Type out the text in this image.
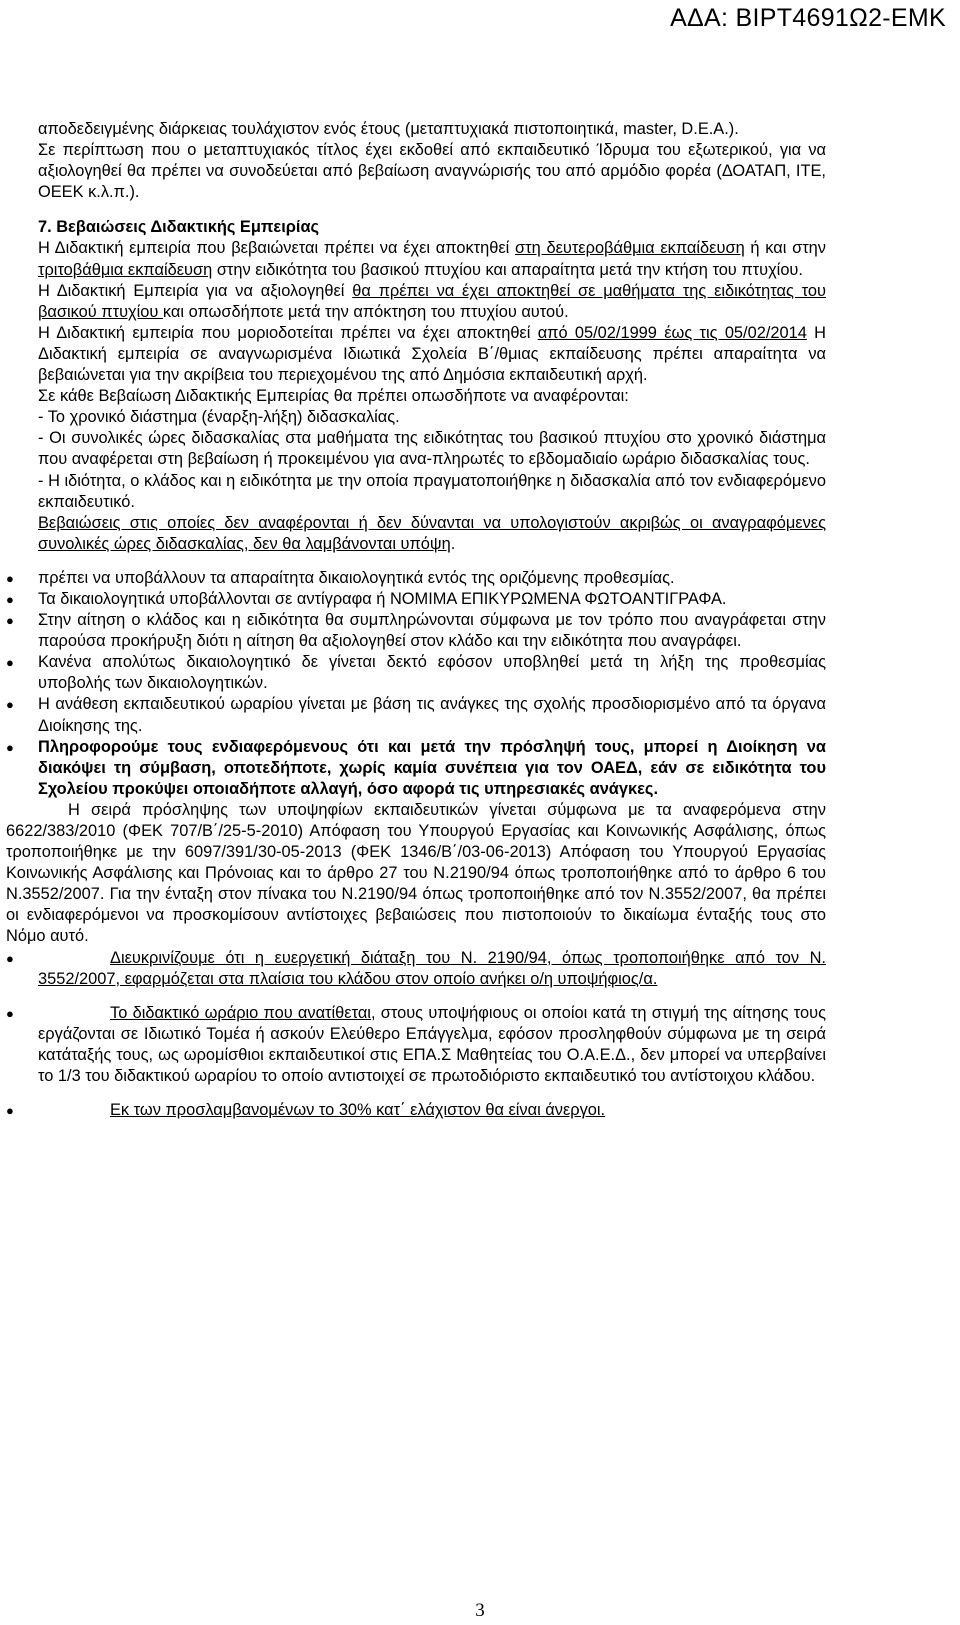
ΑΔΑ: ΒΙΡΤ4691Ω2-ΕΜΚ

αποδεδειγμένης διάρκειας τουλάχιστον ενός έτους (μεταπτυχιακά πιστοποιητικά, master, D.E.A.).

Σε περίπτωση που ο μεταπτυχιακός τίτλος έχει εκδοθεί από εκπαιδευτικό Ίδρυμα του εξωτερικού, για να αξιολογηθεί θα πρέπει να συνοδεύεται από βεβαίωση αναγνώρισής του από αρμόδιο φορέα (ΔΟΑΤΑΠ, ΙΤΕ, ΟΕΕΚ κ.λ.π.).

7. Βεβαιώσεις Διδακτικής Εμπειρίας

Η Διδακτική εμπειρία που βεβαιώνεται πρέπει να έχει αποκτηθεί στη δευτεροβάθμια εκπαίδευση ή και στην τριτοβάθμια εκπαίδευση στην ειδικότητα του βασικού πτυχίου και απαραίτητα μετά την κτήση του πτυχίου.

Η Διδακτική Εμπειρία για να αξιολογηθεί θα πρέπει να έχει αποκτηθεί σε μαθήματα της ειδικότητας του βασικού πτυχίου και οπωσδήποτε μετά την απόκτηση του πτυχίου αυτού.

Η Διδακτική εμπειρία που μοριοδοτείται πρέπει να έχει αποκτηθεί από 05/02/1999 έως τις 05/02/2014 Η Διδακτική εμπειρία σε αναγνωρισμένα Ιδιωτικά Σχολεία Β΄/θμιας εκπαίδευσης πρέπει απαραίτητα να βεβαιώνεται για την ακρίβεια του περιεχομένου της από Δημόσια εκπαιδευτική αρχή.

Σε κάθε Βεβαίωση Διδακτικής Εμπειρίας θα πρέπει οπωσδήποτε να αναφέρονται:

- Το χρονικό διάστημα (έναρξη-λήξη) διδασκαλίας.

- Οι συνολικές ώρες διδασκαλίας στα μαθήματα της ειδικότητας του βασικού πτυχίου στο χρονικό διάστημα που αναφέρεται στη βεβαίωση ή προκειμένου για ανα-πληρωτές το εβδομαδιαίο ωράριο διδασκαλίας τους.

- Η ιδιότητα, ο κλάδος και η ειδικότητα με την οποία πραγματοποιήθηκε η διδασκαλία από τον ενδιαφερόμενο εκπαιδευτικό.

Βεβαιώσεις στις οποίες δεν αναφέρονται ή δεν δύνανται να υπολογιστούν ακριβώς οι αναγραφόμενες συνολικές ώρες διδασκαλίας, δεν θα λαμβάνονται υπόψη.

● πρέπει να υποβάλλουν τα απαραίτητα δικαιολογητικά εντός της οριζόμενης προθεσμίας.

● Τα δικαιολογητικά υποβάλλονται σε αντίγραφα ή ΝΟΜΙΜΑ ΕΠΙΚΥΡΩΜΕΝΑ ΦΩΤΟΑΝΤΙΓΡΑΦΑ.

● Στην αίτηση ο κλάδος και η ειδικότητα θα συμπληρώνονται σύμφωνα με τον τρόπο που αναγράφεται στην παρούσα προκήρυξη διότι η αίτηση θα αξιολογηθεί στον κλάδο και την ειδικότητα που αναγράφει.

● Κανένα απολύτως δικαιολογητικό δε γίνεται δεκτό εφόσον υποβληθεί μετά τη λήξη της προθεσμίας υποβολής των δικαιολογητικών.

● Η ανάθεση εκπαιδευτικού ωραρίου γίνεται με βάση τις ανάγκες της σχολής προσδιορισμένο από τα όργανα Διοίκησης της.

● Πληροφορούμε τους ενδιαφερόμενους ότι και μετά την πρόσληψή τους, μπορεί η Διοίκηση να διακόψει τη σύμβαση, οποτεδήποτε, χωρίς καμία συνέπεια για τον ΟΑΕΔ, εάν σε ειδικότητα του Σχολείου προκύψει οποιαδήποτε αλλαγή, όσο αφορά τις υπηρεσιακές ανάγκες.

Η σειρά πρόσληψης των υποψηφίων εκπαιδευτικών γίνεται σύμφωνα με τα αναφερόμενα στην 6622/383/2010 (ΦΕΚ 707/Β΄/25-5-2010) Απόφαση του Υπουργού Εργασίας και Κοινωνικής Ασφάλισης, όπως τροποποιήθηκε με την 6097/391/30-05-2013 (ΦΕΚ 1346/Β΄/03-06-2013) Απόφαση του Υπουργού Εργασίας Κοινωνικής Ασφάλισης και Πρόνοιας και το άρθρο 27 του Ν.2190/94 όπως τροποποιήθηκε από το άρθρο 6 του Ν.3552/2007. Για την ένταξη στον πίνακα του Ν.2190/94 όπως τροποποιήθηκε από τον Ν.3552/2007, θα πρέπει οι ενδιαφερόμενοι να προσκομίσουν αντίστοιχες βεβαιώσεις που πιστοποιούν το δικαίωμα ένταξής τους στο Νόμο αυτό.

●	Διευκρινίζουμε ότι η ευεργετική διάταξη του Ν. 2190/94, όπως τροποποιήθηκε από τον Ν. 3552/2007, εφαρμόζεται στα πλαίσια του κλάδου στον οποίο ανήκει ο/η υποψήφιος/α.

●	Το διδακτικό ωράριο που ανατίθεται, στους υποψήφιους οι οποίοι κατά τη στιγμή της αίτησης τους εργάζονται σε Ιδιωτικό Τομέα ή ασκούν Ελεύθερο Επάγγελμα, εφόσον προσληφθούν σύμφωνα με τη σειρά κατάταξής τους, ως ωρομίσθιοι εκπαιδευτικοί στις ΕΠΑ.Σ Μαθητείας του Ο.Α.Ε.Δ., δεν μπορεί να υπερβαίνει το 1/3 του διδακτικού ωραρίου το οποίο αντιστοιχεί σε πρωτοδιόριστο εκπαιδευτικό του αντίστοιχου κλάδου.

●	Εκ των προσλαμβανομένων το 30% κατ΄ ελάχιστον θα είναι άνεργοι.

3
